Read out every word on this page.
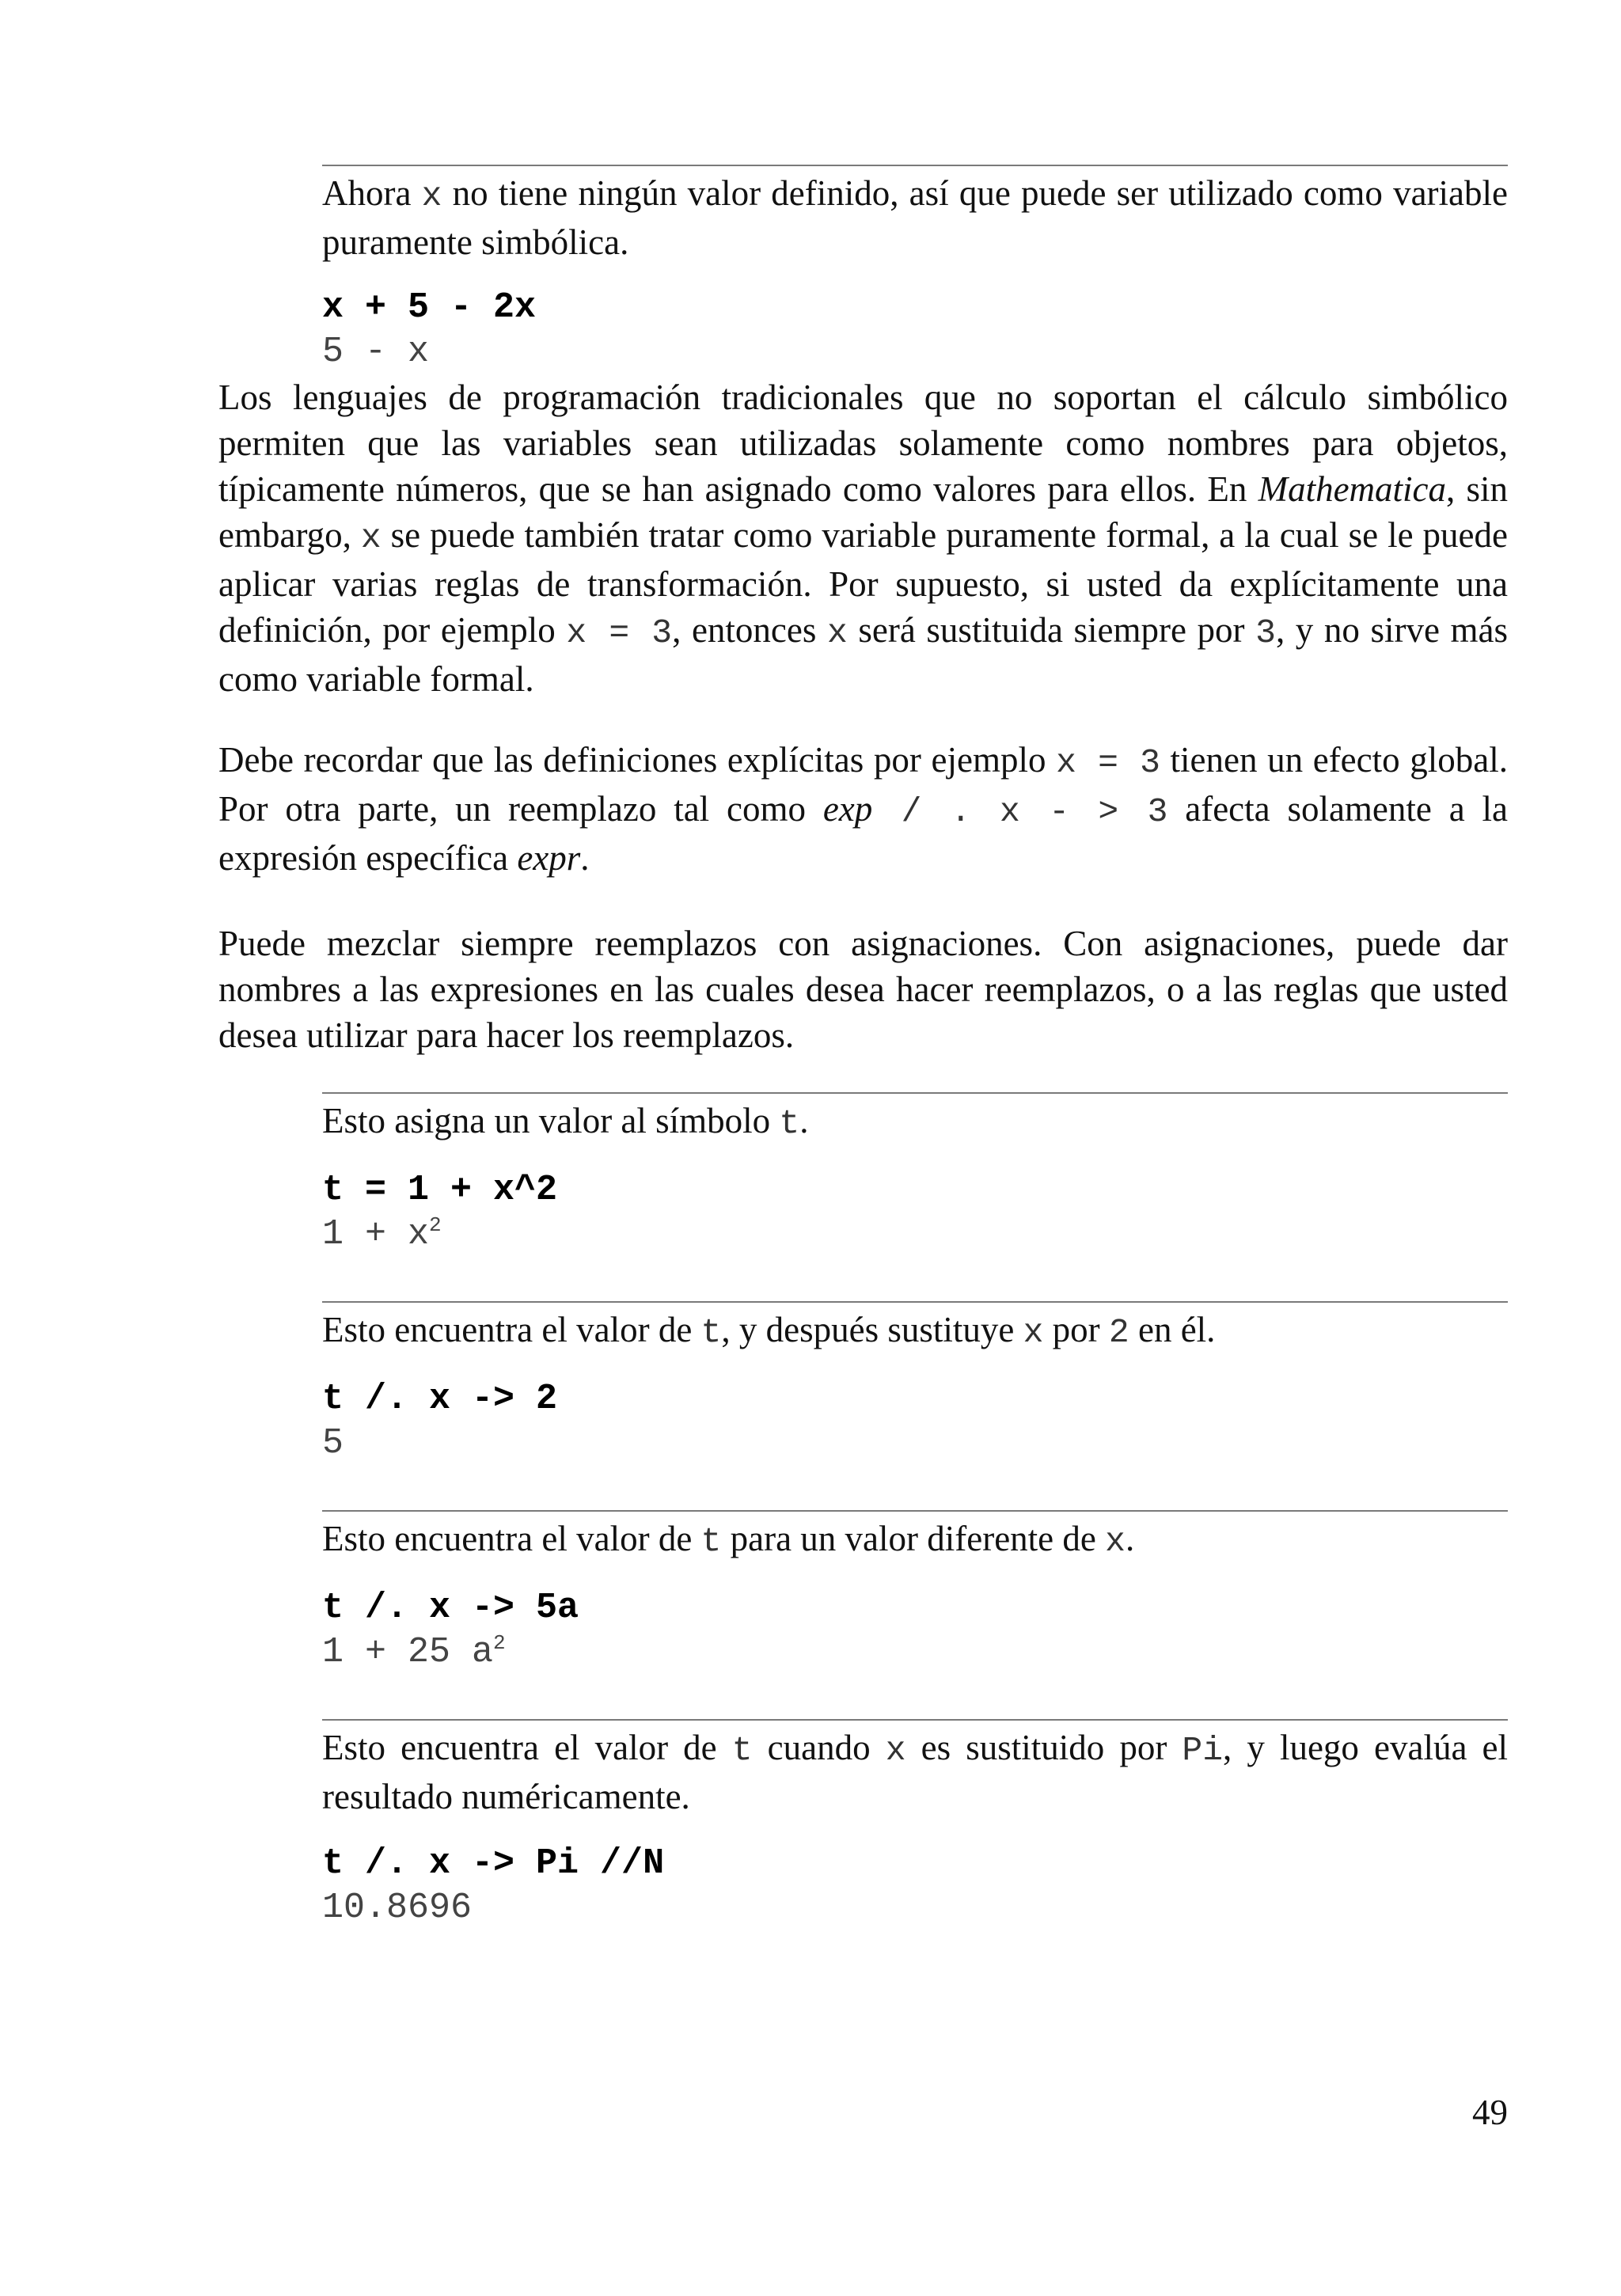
Ahora x no tiene ningún valor definido, así que puede ser utilizado como variable puramente simbólica.

x + 5 - 2x
5 - x

Los lenguajes de programación tradicionales que no soportan el cálculo simbólico permiten que las variables sean utilizadas solamente como nombres para objetos, típicamente números, que se han asignado como valores para ellos. En Mathematica, sin embargo, x se puede también tratar como variable puramente formal, a la cual se le puede aplicar varias reglas de transformación. Por supuesto, si usted da explícitamente una definición, por ejemplo x = 3, entonces x será sustituida siempre por 3, y no sirve más como variable formal.

Debe recordar que las definiciones explícitas por ejemplo x = 3 tienen un efecto global. Por otra parte, un reemplazo tal como exp / . x - > 3 afecta solamente a la expresión específica expr.

Puede mezclar siempre reemplazos con asignaciones. Con asignaciones, puede dar nombres a las expresiones en las cuales desea hacer reemplazos, o a las reglas que usted desea utilizar para hacer los reemplazos.

Esto asigna un valor al símbolo t.

t = 1 + x^2
$1 + x^2$

Esto encuentra el valor de t, y después sustituye x por 2 en él.

t /. x -> 2
5

Esto encuentra el valor de t para un valor diferente de x.

t /. x -> 5a
1 + 25 $a^2$

Esto encuentra el valor de t cuando x es sustituido por Pi, y luego evalúa el resultado numéricamente.

t /. x -> Pi //N
10.8696
49
